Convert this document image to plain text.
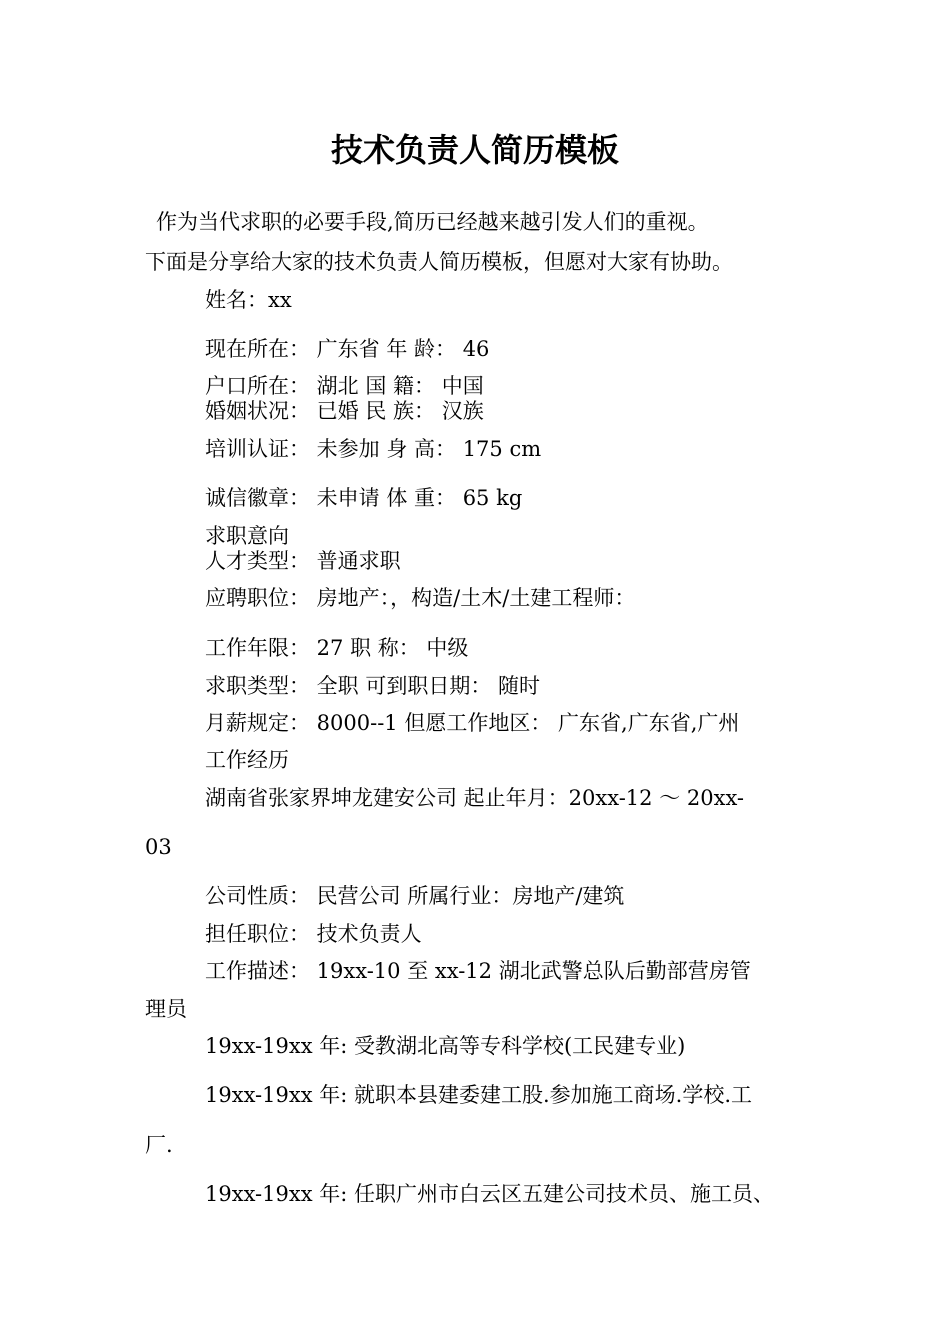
技术负责人简历模板
作为当代求职的必要手段,简历已经越来越引发人们的重视。
下面是分享给大家的技术负责人简历模板，但愿对大家有协助。
姓名：xx
现在所在： 广东省 年 龄： 46
户口所在： 湖北 国 籍： 中国
婚姻状况： 已婚 民 族： 汉族
培训认证： 未参加 身 高： 175 cm
诚信徽章： 未申请 体 重： 65 kg
求职意向
人才类型： 普通求职
应聘职位： 房地产：，构造/土木/土建工程师：
工作年限： 27 职 称： 中级
求职类型： 全职 可到职日期： 随时
月薪规定： 8000--1 但愿工作地区： 广东省,广东省,广州
工作经历
湖南省张家界坤龙建安公司 起止年月：20xx-12 ～ 20xx-
03
公司性质： 民营公司 所属行业：房地产/建筑
担任职位： 技术负责人
工作描述： 19xx-10 至 xx-12 湖北武警总队后勤部营房管
理员
19xx-19xx 年: 受教湖北高等专科学校(工民建专业)
19xx-19xx 年: 就职本县建委建工股.参加施工商场.学校.工
厂.
19xx-19xx 年: 任职广州市白云区五建公司技术员、施工员、
